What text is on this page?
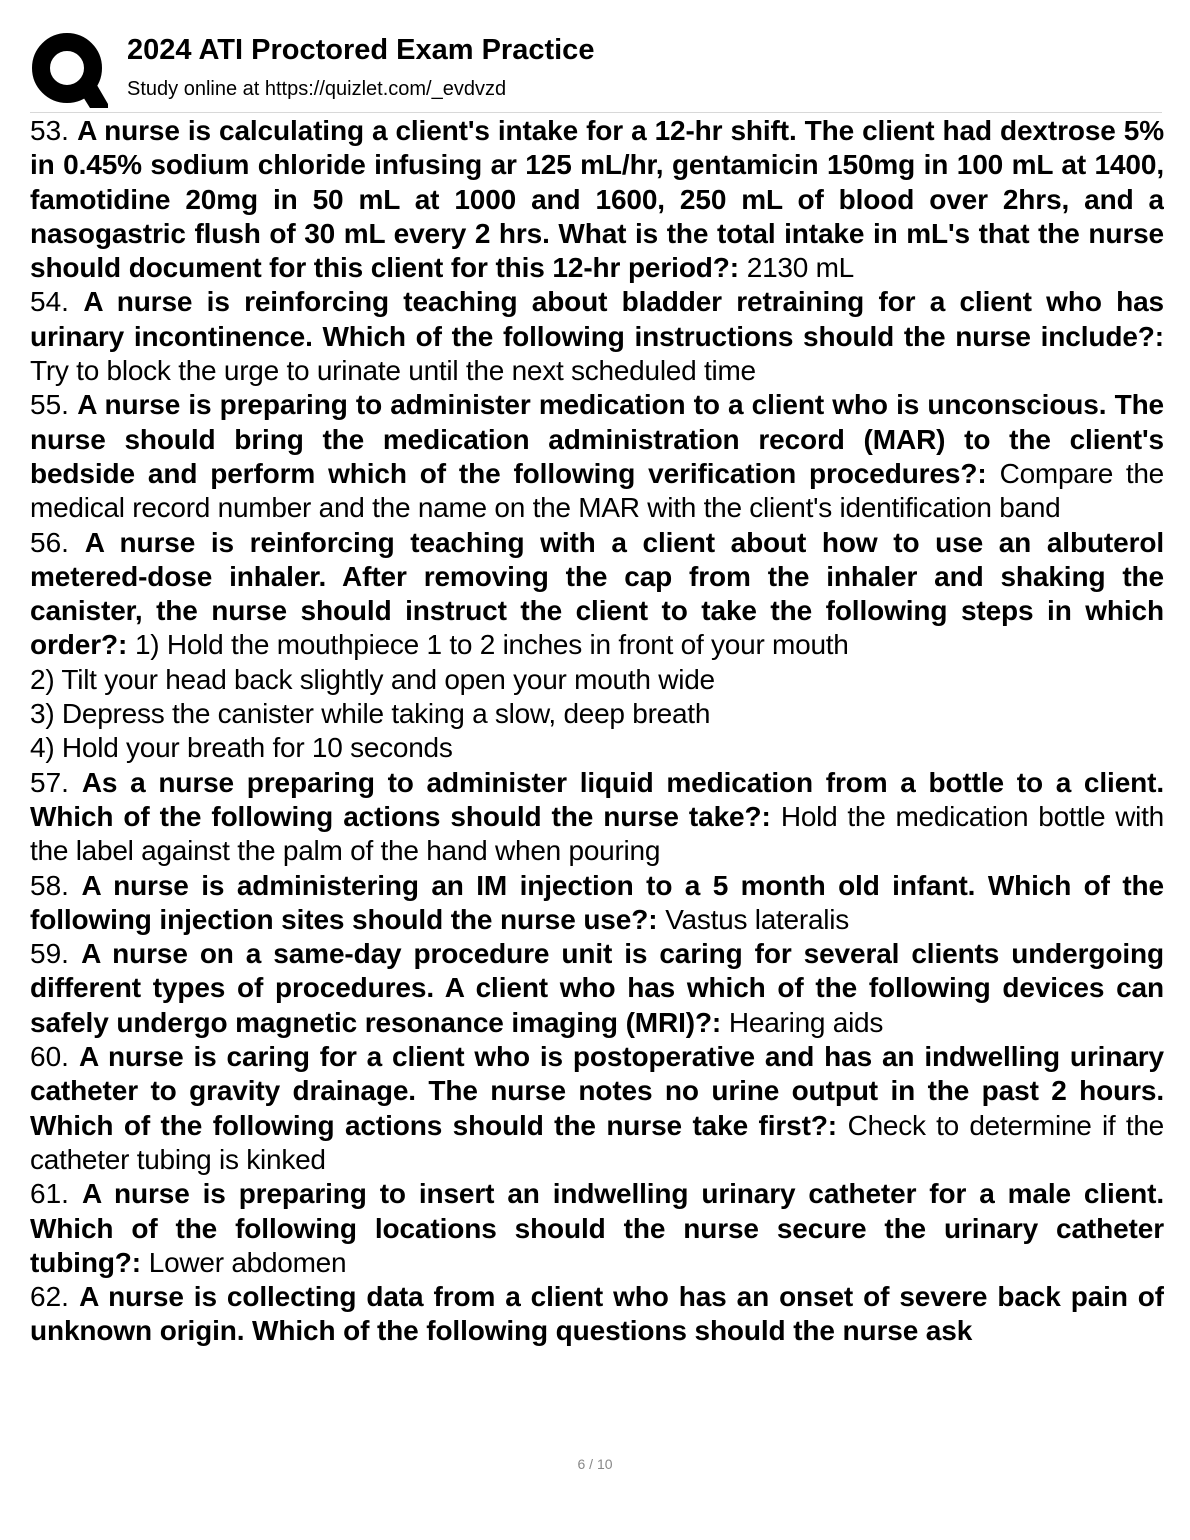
2024 ATI Proctored Exam Practice
Study online at https://quizlet.com/_evdvzd

53. A nurse is calculating a client's intake for a 12-hr shift. The client had dextrose 5% in 0.45% sodium chloride infusing ar 125 mL/hr, gentamicin 150mg in 100 mL at 1400, famotidine 20mg in 50 mL at 1000 and 1600, 250 mL of blood over 2hrs, and a nasogastric flush of 30 mL every 2 hrs. What is the total intake in mL's that the nurse should document for this client for this 12-hr period?: 2130 mL

54. A nurse is reinforcing teaching about bladder retraining for a client who has urinary incontinence. Which of the following instructions should the nurse include?: Try to block the urge to urinate until the next scheduled time

55. A nurse is preparing to administer medication to a client who is unconscious. The nurse should bring the medication administration record (MAR) to the client's bedside and perform which of the following verification procedures?: Compare the medical record number and the name on the MAR with the client's identification band

56. A nurse is reinforcing teaching with a client about how to use an albuterol metered-dose inhaler. After removing the cap from the inhaler and shaking the canister, the nurse should instruct the client to take the following steps in which order?: 1) Hold the mouthpiece 1 to 2 inches in front of your mouth

2) Tilt your head back slightly and open your mouth wide

3) Depress the canister while taking a slow, deep breath

4) Hold your breath for 10 seconds

57. As a nurse preparing to administer liquid medication from a bottle to a client. Which of the following actions should the nurse take?: Hold the medication bottle with the label against the palm of the hand when pouring

58. A nurse is administering an IM injection to a 5 month old infant. Which of the following injection sites should the nurse use?: Vastus lateralis

59. A nurse on a same-day procedure unit is caring for several clients undergoing different types of procedures. A client who has which of the following devices can safely undergo magnetic resonance imaging (MRI)?: Hearing aids

60. A nurse is caring for a client who is postoperative and has an indwelling urinary catheter to gravity drainage. The nurse notes no urine output in the past 2 hours. Which of the following actions should the nurse take first?: Check to determine if the catheter tubing is kinked

61. A nurse is preparing to insert an indwelling urinary catheter for a male client. Which of the following locations should the nurse secure the urinary catheter tubing?: Lower abdomen

62. A nurse is collecting data from a client who has an onset of severe back pain of unknown origin. Which of the following questions should the nurse ask

6 / 10
